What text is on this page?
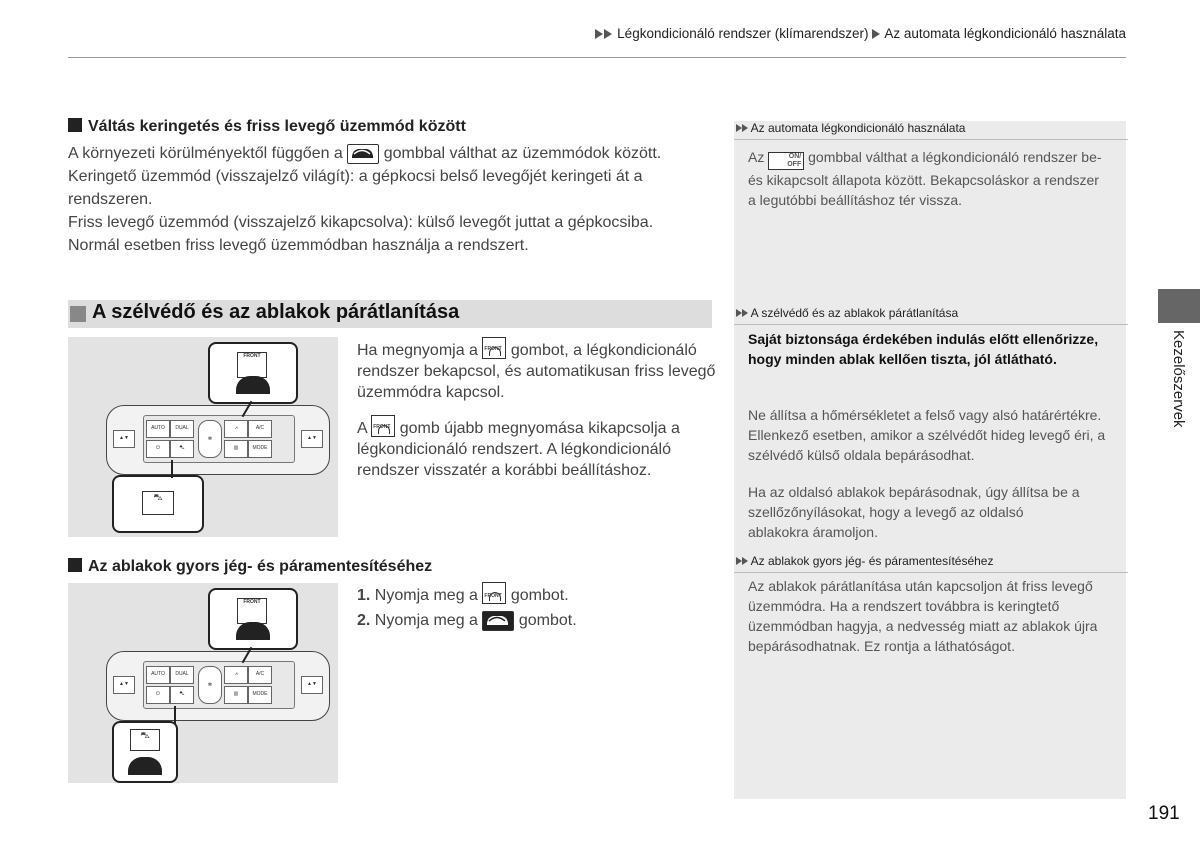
Légkondicionáló rendszer (klímarendszer) Az automata légkondicionáló használata
Váltás keringetés és friss levegő üzemmód között
A környezeti körülményektől függően a	gombbal válthat az üzemmódok között.
Keringető üzemmód (visszajelző világít): a gépkocsi belső levegőjét keringeti át a rendszeren.
Friss levegő üzemmód (visszajelző kikapcsolva): külső levegőt juttat a gépkocsiba.
Normál esetben friss levegő üzemmódban használja a rendszert.
A szélvédő és az ablakok párátlanítása
AUTO	DUAL
⏻	⛍
✻
⩘	A/C
▥	MODE
▲▼	▲▼
FRONT
⛍
Ha megnyomja a FRONT gombot, a légkondicionáló rendszer bekapcsol, és automatikusan friss levegő üzemmódra kapcsol.
A FRONT gomb újabb megnyomása kikapcsolja a légkondicionáló rendszert. A légkondicionáló rendszer visszatér a korábbi beállításhoz.
Az ablakok gyors jég- és páramentesítéséhez
AUTO	DUAL
⏻	⛍
✻
⩘	A/C
▥	MODE
▲▼	▲▼
FRONT
⛍
1. Nyomja meg a FRONT gombot.
2. Nyomja meg a	gombot.
Az automata légkondicionáló használata
Az	ON/
OFF gombbal válthat a légkondicionáló rendszer be- és kikapcsolt állapota között. Bekapcsoláskor a rendszer a legutóbbi beállításhoz tér vissza.
A szélvédő és az ablakok párátlanítása
Saját biztonsága érdekében indulás előtt ellenőrizze, hogy minden ablak kellően tiszta, jól átlátható.
Ne állítsa a hőmérsékletet a felső vagy alsó határértékre. Ellenkező esetben, amikor a szélvédőt hideg levegő éri, a szélvédő külső oldala bepárásodhat.
Ha az oldalsó ablakok bepárásodnak, úgy állítsa be a szellőzőnyílásokat, hogy a levegő az oldalsó ablakokra áramoljon.
Az ablakok gyors jég- és páramentesítéséhez
Az ablakok párátlanítása után kapcsoljon át friss levegő üzemmódra. Ha a rendszert továbbra is keringtető üzemmódban hagyja, a nedvesség miatt az ablakok újra bepárásodhatnak. Ez rontja a láthatóságot.
Kezelőszervek
191
